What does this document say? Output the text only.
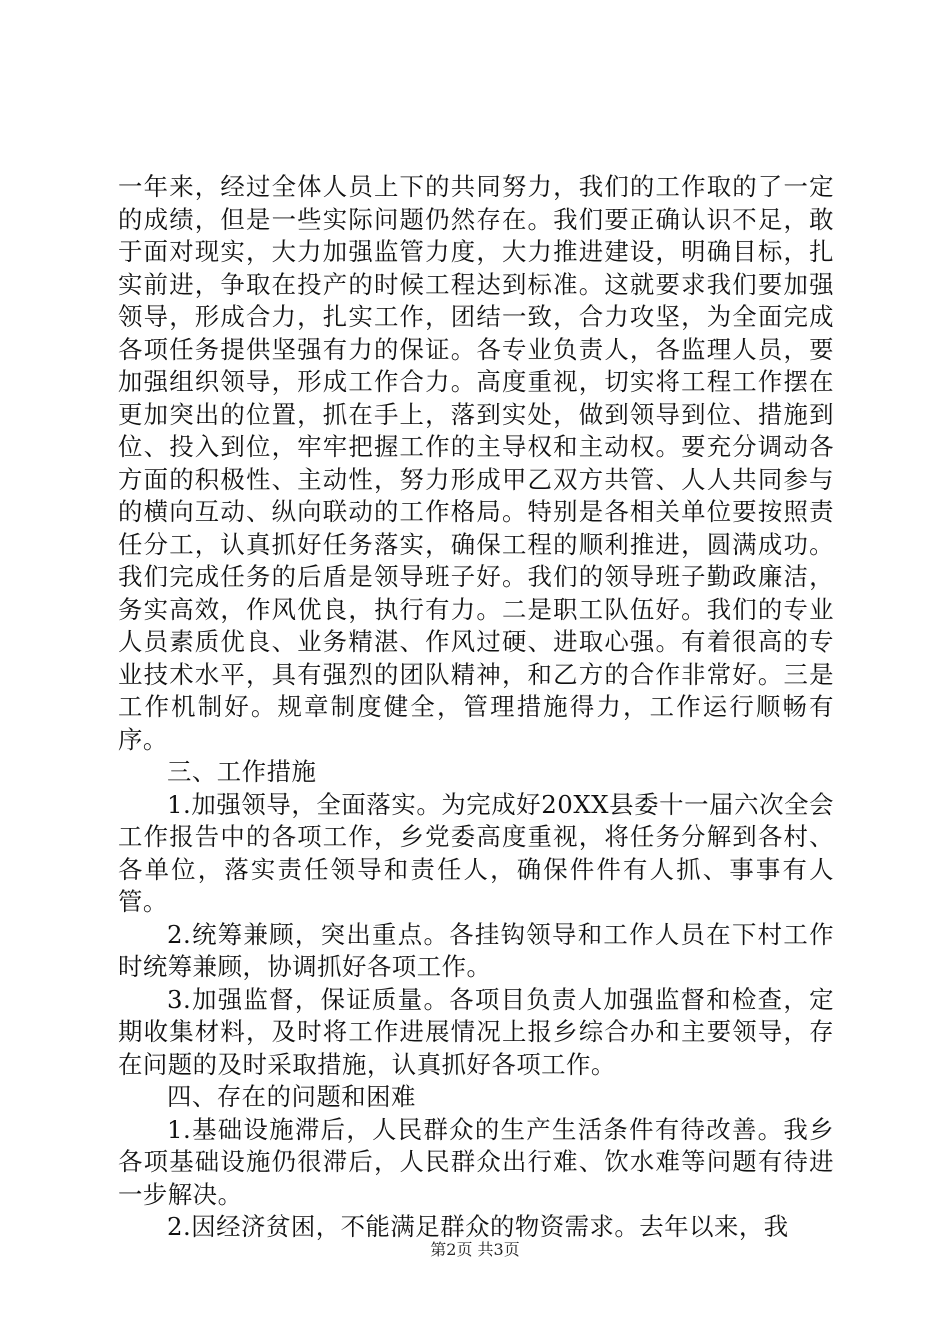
一年来，经过全体人员上下的共同努力，我们的工作取的了一定的成绩，但是一些实际问题仍然存在。我们要正确认识不足，敢于面对现实，大力加强监管力度，大力推进建设，明确目标，扎实前进，争取在投产的时候工程达到标准。这就要求我们要加强领导，形成合力，扎实工作，团结一致，合力攻坚，为全面完成各项任务提供坚强有力的保证。各专业负责人，各监理人员，要加强组织领导，形成工作合力。高度重视，切实将工程工作摆在更加突出的位置，抓在手上，落到实处，做到领导到位、措施到位、投入到位，牢牢把握工作的主导权和主动权。要充分调动各方面的积极性、主动性，努力形成甲乙双方共管、人人共同参与的横向互动、纵向联动的工作格局。特别是各相关单位要按照责任分工，认真抓好任务落实，确保工程的顺利推进，圆满成功。我们完成任务的后盾是领导班子好。我们的领导班子勤政廉洁，务实高效，作风优良，执行有力。二是职工队伍好。我们的专业人员素质优良、业务精湛、作风过硬、进取心强。有着很高的专业技术水平，具有强烈的团队精神，和乙方的合作非常好。三是工作机制好。规章制度健全，管理措施得力，工作运行顺畅有序。

三、工作措施

1.加强领导，全面落实。为完成好20XX县委十一届六次全会工作报告中的各项工作，乡党委高度重视，将任务分解到各村、各单位，落实责任领导和责任人，确保件件有人抓、事事有人管。

2.统筹兼顾，突出重点。各挂钩领导和工作人员在下村工作时统筹兼顾，协调抓好各项工作。

3.加强监督，保证质量。各项目负责人加强监督和检查，定期收集材料，及时将工作进展情况上报乡综合办和主要领导，存在问题的及时采取措施，认真抓好各项工作。

四、存在的问题和困难

1.基础设施滞后，人民群众的生产生活条件有待改善。我乡各项基础设施仍很滞后，人民群众出行难、饮水难等问题有待进一步解决。

2.因经济贫困，不能满足群众的物资需求。去年以来，我

第2页 共3页
